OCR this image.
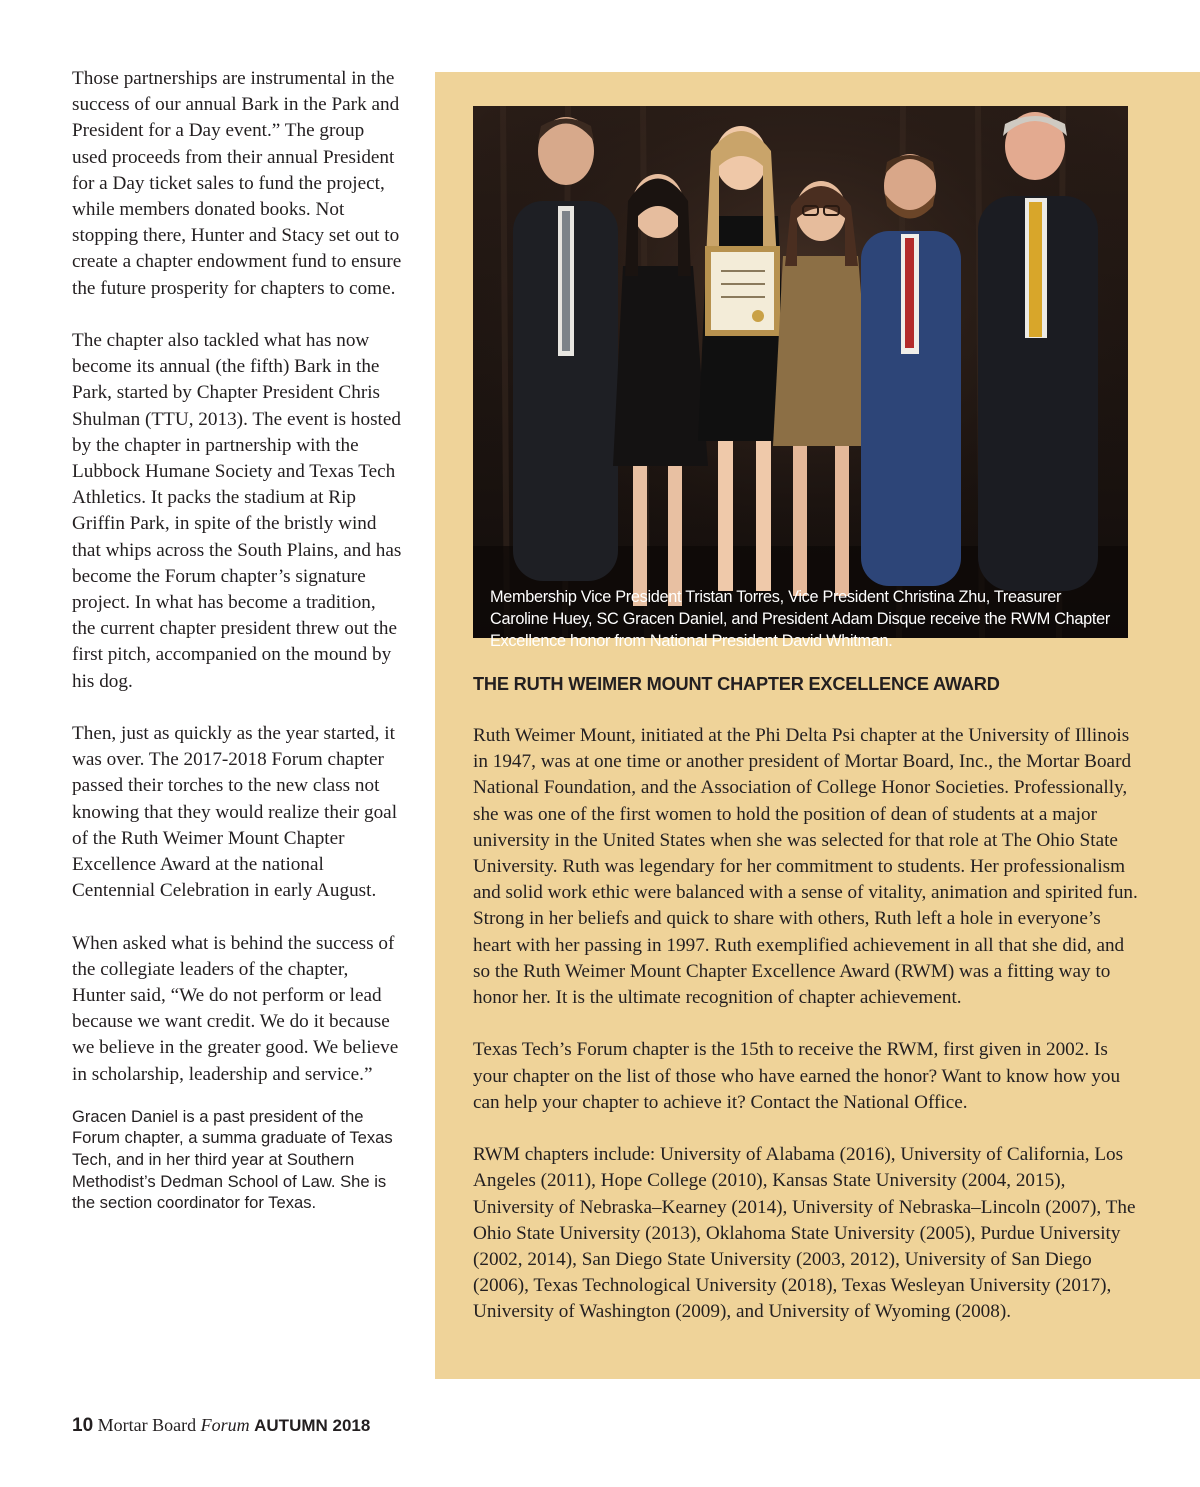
Those partnerships are instrumental in the success of our annual Bark in the Park and President for a Day event.” The group used proceeds from their annual President for a Day ticket sales to fund the project, while members donated books. Not stopping there, Hunter and Stacy set out to create a chapter endowment fund to ensure the future prosperity for chapters to come.

The chapter also tackled what has now become its annual (the fifth) Bark in the Park, started by Chapter President Chris Shulman (TTU, 2013). The event is hosted by the chapter in partnership with the Lubbock Humane Society and Texas Tech Athletics. It packs the stadium at Rip Griffin Park, in spite of the bristly wind that whips across the South Plains, and has become the Forum chapter’s signature project. In what has become a tradition, the current chapter president threw out the first pitch, accompanied on the mound by his dog.

Then, just as quickly as the year started, it was over. The 2017-2018 Forum chapter passed their torches to the new class not knowing that they would realize their goal of the Ruth Weimer Mount Chapter Excellence Award at the national Centennial Celebration in early August.

When asked what is behind the success of the collegiate leaders of the chapter, Hunter said, “We do not perform or lead because we want credit. We do it because we believe in the greater good. We believe in scholarship, leadership and service.”

Gracen Daniel is a past president of the Forum chapter, a summa graduate of Texas Tech, and in her third year at Southern Methodist’s Dedman School of Law. She is the section coordinator for Texas.

Membership Vice President Tristan Torres, Vice President Christina Zhu, Treasurer Caroline Huey, SC Gracen Daniel, and President Adam Disque receive the RWM Chapter Excellence honor from National President David Whitman.
THE RUTH WEIMER MOUNT CHAPTER EXCELLENCE AWARD

Ruth Weimer Mount, initiated at the Phi Delta Psi chapter at the University of Illinois in 1947, was at one time or another president of Mortar Board, Inc., the Mortar Board National Foundation, and the Association of College Honor Societies. Professionally, she was one of the first women to hold the position of dean of students at a major university in the United States when she was selected for that role at The Ohio State University. Ruth was legendary for her commitment to students. Her professionalism and solid work ethic were balanced with a sense of vitality, animation and spirited fun. Strong in her beliefs and quick to share with others, Ruth left a hole in everyone’s heart with her passing in 1997. Ruth exemplified achievement in all that she did, and so the Ruth Weimer Mount Chapter Excellence Award (RWM) was a fitting way to honor her. It is the ultimate recognition of chapter achievement.

Texas Tech’s Forum chapter is the 15th to receive the RWM, first given in 2002. Is your chapter on the list of those who have earned the honor? Want to know how you can help your chapter to achieve it? Contact the National Office.

RWM chapters include: University of Alabama (2016), University of California, Los Angeles (2011), Hope College (2010), Kansas State University (2004, 2015), University of Nebraska–Kearney (2014), University of Nebraska–Lincoln (2007), The Ohio State University (2013), Oklahoma State University (2005), Purdue University (2002, 2014), San Diego State University (2003, 2012), University of San Diego (2006), Texas Technological University (2018), Texas Wesleyan University (2017), University of Washington (2009), and University of Wyoming (2008).

10 Mortar Board Forum AUTUMN 2018
